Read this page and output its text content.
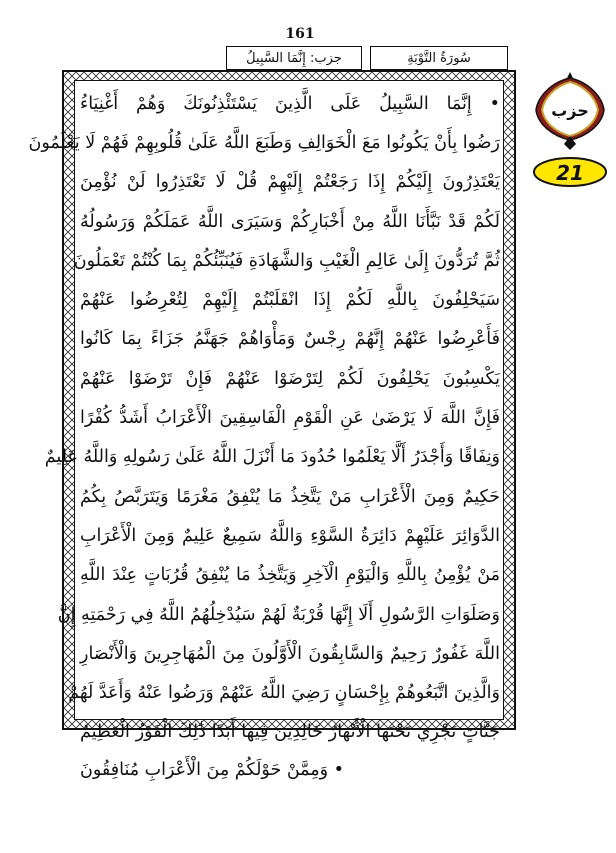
161
سُورَةُ التَّوْبَةِ
جزب: إِنَّمَا السَّبِيلُ
• إِنَّمَا السَّبِيلُ عَلَى الَّذِينَ يَسْتَئْذِنُونَكَ وَهُمْ أَغْنِيَاءُ
رَضُوا بِأَنْ يَكُونُوا مَعَ الْخَوَالِفِ وَطَبَعَ اللَّهُ عَلَىٰ قُلُوبِهِمْ فَهُمْ لَا يَعْلَمُونَ
يَعْتَذِرُونَ إِلَيْكُمْ إِذَا رَجَعْتُمْ إِلَيْهِمْ قُلْ لَا تَعْتَذِرُوا لَنْ نُؤْمِنَ
لَكُمْ قَدْ نَبَّأَنَا اللَّهُ مِنْ أَخْبَارِكُمْ وَسَيَرَى اللَّهُ عَمَلَكُمْ وَرَسُولُهُ
ثُمَّ تُرَدُّونَ إِلَىٰ عَالِمِ الْغَيْبِ وَالشَّهَادَةِ فَيُنَبِّئُكُمْ بِمَا كُنْتُمْ تَعْمَلُونَ
سَيَحْلِفُونَ بِاللَّهِ لَكُمْ إِذَا انْقَلَبْتُمْ إِلَيْهِمْ لِتُعْرِضُوا عَنْهُمْ
فَأَعْرِضُوا عَنْهُمْ إِنَّهُمْ رِجْسٌ وَمَأْوَاهُمْ جَهَنَّمُ جَزَاءً بِمَا كَانُوا
يَكْسِبُونَ يَحْلِفُونَ لَكُمْ لِتَرْضَوْا عَنْهُمْ فَإِنْ تَرْضَوْا عَنْهُمْ
فَإِنَّ اللَّهَ لَا يَرْضَىٰ عَنِ الْقَوْمِ الْفَاسِقِينَ الْأَعْرَابُ أَشَدُّ كُفْرًا
وَنِفَاقًا وَأَجْدَرُ أَلَّا يَعْلَمُوا حُدُودَ مَا أَنْزَلَ اللَّهُ عَلَىٰ رَسُولِهِ وَاللَّهُ عَلِيمٌ
حَكِيمٌ وَمِنَ الْأَعْرَابِ مَنْ يَتَّخِذُ مَا يُنْفِقُ مَغْرَمًا وَيَتَرَبَّصُ بِكُمُ
الدَّوَائِرَ عَلَيْهِمْ دَائِرَةُ السَّوْءِ وَاللَّهُ سَمِيعٌ عَلِيمٌ وَمِنَ الْأَعْرَابِ
مَنْ يُؤْمِنُ بِاللَّهِ وَالْيَوْمِ الْآخِرِ وَيَتَّخِذُ مَا يُنْفِقُ قُرُبَاتٍ عِنْدَ اللَّهِ
وَصَلَوَاتِ الرَّسُولِ أَلَا إِنَّهَا قُرْبَةٌ لَهُمْ سَيُدْخِلُهُمُ اللَّهُ فِي رَحْمَتِهِ إِنَّ
اللَّهَ غَفُورٌ رَحِيمٌ وَالسَّابِقُونَ الْأَوَّلُونَ مِنَ الْمُهَاجِرِينَ وَالْأَنْصَارِ
وَالَّذِينَ اتَّبَعُوهُمْ بِإِحْسَانٍ رَضِيَ اللَّهُ عَنْهُمْ وَرَضُوا عَنْهُ وَأَعَدَّ لَهُمْ
جَنَّاتٍ تَجْرِي تَحْتَهَا الْأَنْهَارُ خَالِدِينَ فِيهَا أَبَدًا ذَٰلِكَ الْفَوْزُ الْعَظِيمُ
• وَمِمَّنْ حَوْلَكُمْ مِنَ الْأَعْرَابِ مُنَافِقُونَ
حزب
21
